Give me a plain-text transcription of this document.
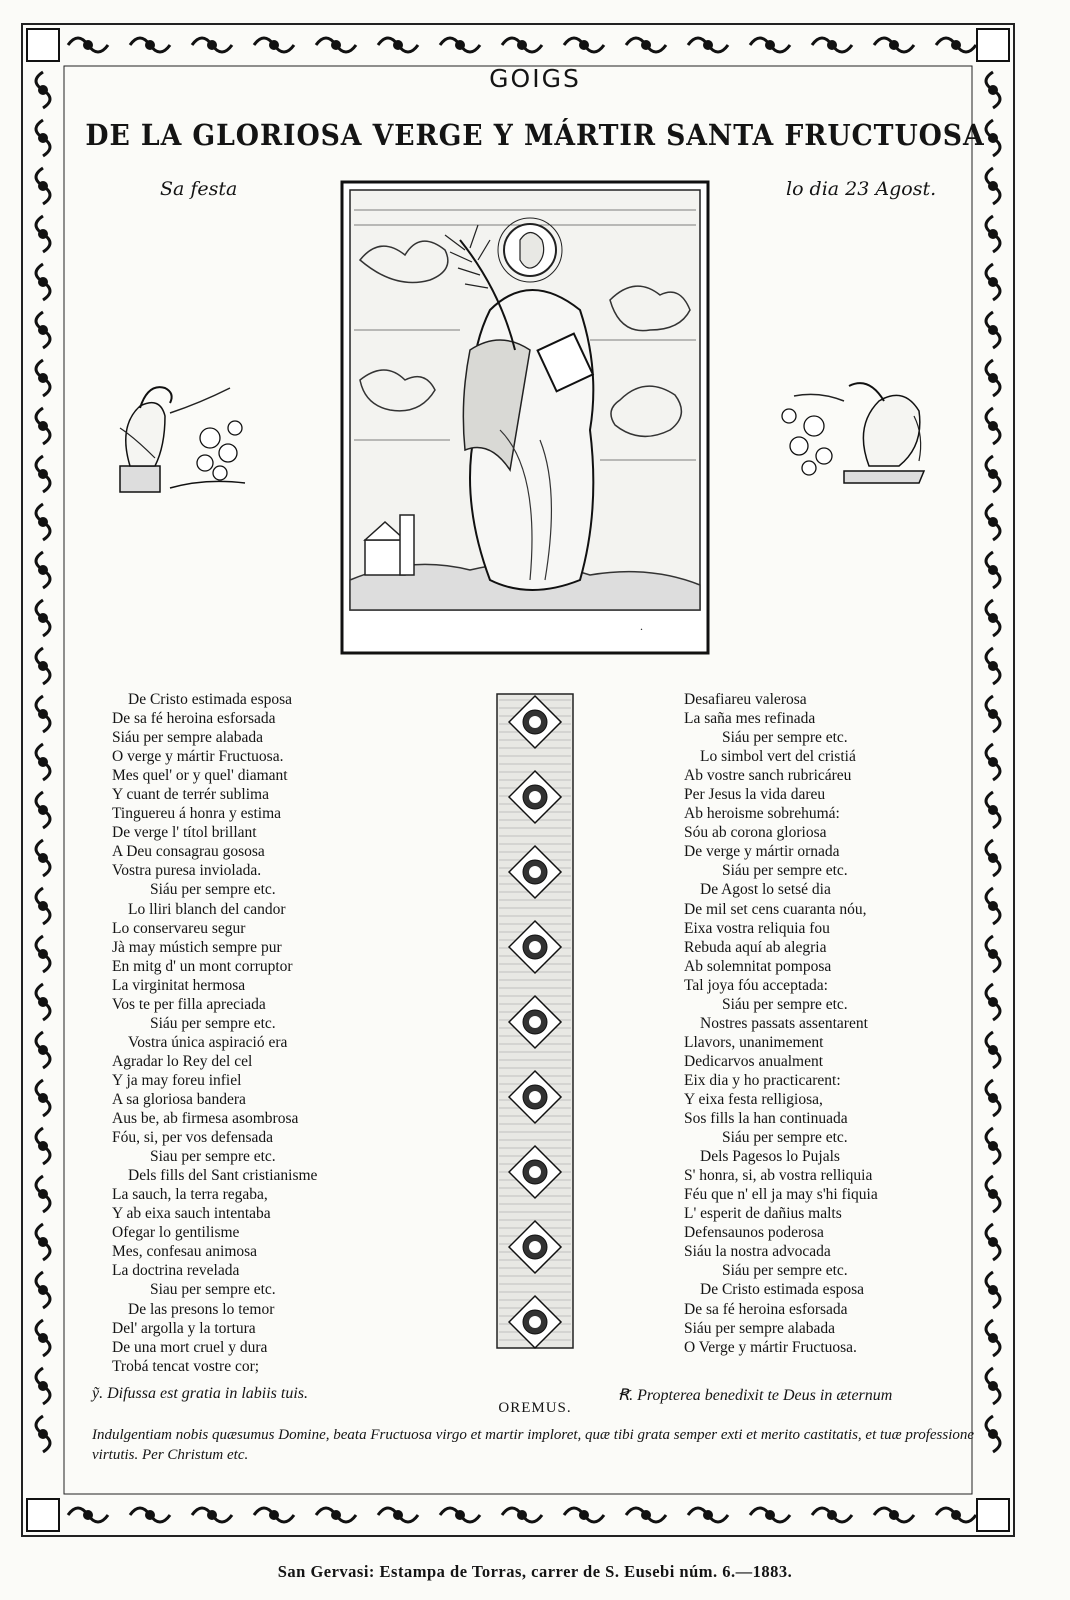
GOIGS
DE LA GLORIOSA VERGE Y MÁRTIR SANTA FRUCTUOSA
Sa festa	lo dia 23 Agost.
.
De Cristo estimada esposa
De sa fé heroina esforsada
Siáu per sempre alabada
O verge y mártir Fructuosa.
Mes quel' or y quel' diamant
Y cuant de terrér sublima
Tinguereu á honra y estima
De verge l' títol brillant
A Deu consagrau gososa
Vostra puresa inviolada.
Siáu per sempre etc.
Lo lliri blanch del candor
Lo conservareu segur
Jà may mústich sempre pur
En mitg d' un mont corruptor
La virginitat hermosa
Vos te per filla apreciada
Siáu per sempre etc.
Vostra única aspiració era
Agradar lo Rey del cel
Y ja may foreu infiel
A sa gloriosa bandera
Aus be, ab firmesa asombrosa
Fóu, si, per vos defensada
Siau per sempre etc.
Dels fills del Sant cristianisme
La sauch, la terra regaba,
Y ab eixa sauch intentaba
Ofegar lo gentilisme
Mes, confesau animosa
La doctrina revelada
Siau per sempre etc.
De las presons lo temor
Del' argolla y la tortura
De una mort cruel y dura
Trobá tencat vostre cor;
Desafiareu valerosa
La saña mes refinada
Siáu per sempre etc.
Lo simbol vert del cristiá
Ab vostre sanch rubricáreu
Per Jesus la vida dareu
Ab heroisme sobrehumá:
Sóu ab corona gloriosa
De verge y mártir ornada
Siáu per sempre etc.
De Agost lo setsé dia
De mil set cens cuaranta nóu,
Eixa vostra reliquia fou
Rebuda aquí ab alegria
Ab solemnitat pomposa
Tal joya fóu acceptada:
Siáu per sempre etc.
Nostres passats assentarent
Llavors, unanimement
Dedicarvos anualment
Eix dia y ho practicarent:
Y eixa festa relligiosa,
Sos fills la han continuada
Siáu per sempre etc.
Dels Pagesos lo Pujals
S' honra, si, ab vostra relliquia
Féu que n' ell ja may s'hi fiquia
L' esperit de dañius malts
Defensaunos poderosa
Siáu la nostra advocada
Siáu per sempre etc.
De Cristo estimada esposa
De sa fé heroina esforsada
Siáu per sempre alabada
O Verge y mártir Fructuosa.
ỹ. Difussa est gratia in labiis tuis.	Ꞧ. Propterea benedixit te Deus in æternum
OREMUS.
Indulgentiam nobis quæsumus Domine, beata Fructuosa virgo et martir imploret, quæ tibi grata semper exti et merito castitatis, et tuæ professione virtutis. Per Christum etc.
San Gervasi: Estampa de Torras, carrer de S. Eusebi núm. 6.—1883.
